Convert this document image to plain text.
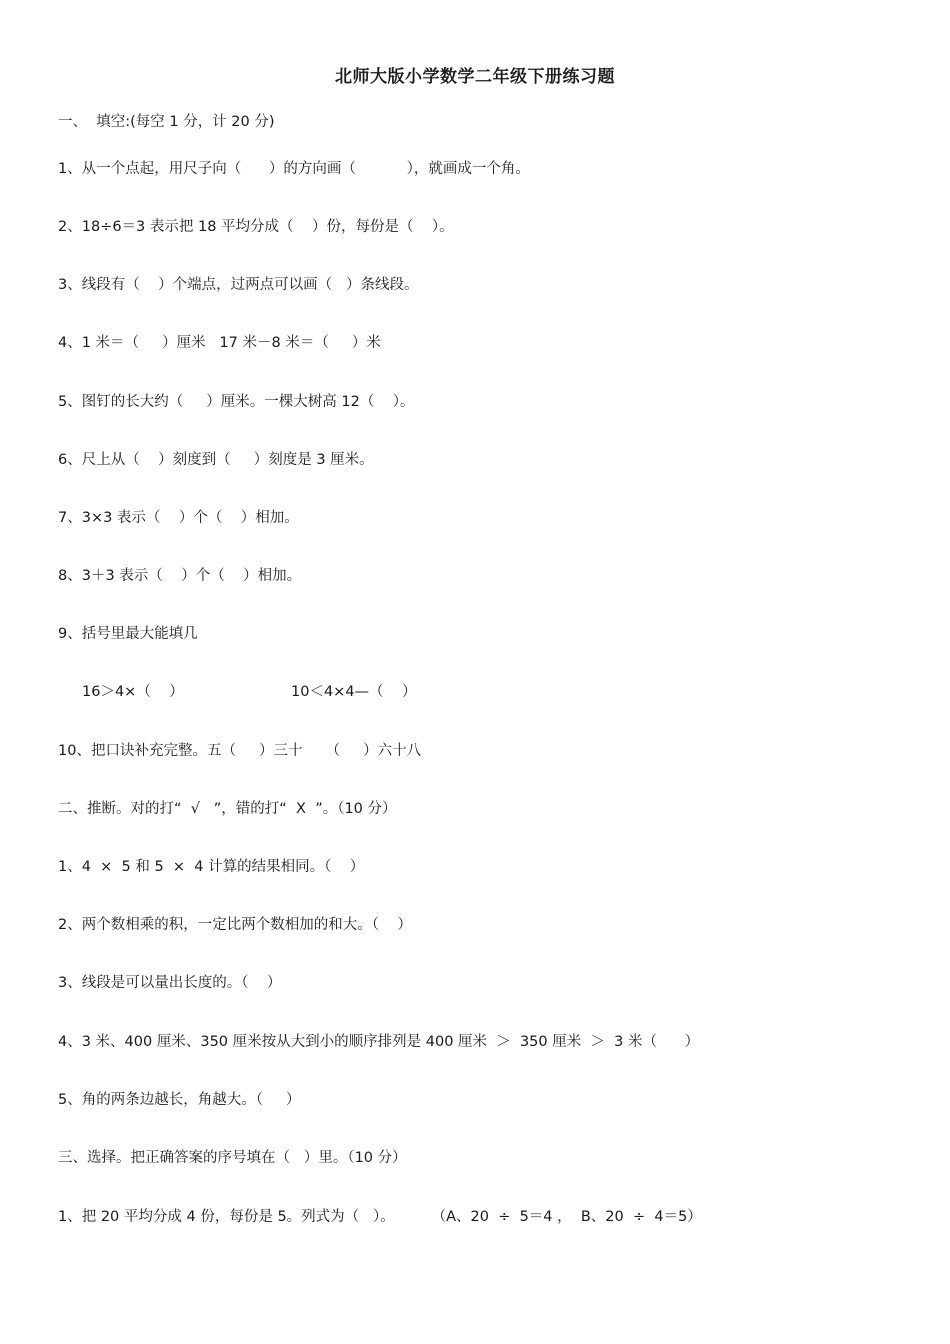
北师大版小学数学二年级下册练习题
一、  填空:(每空 1 分，计 20 分)
1、从一个点起，用尺子向（      ）的方向画（           ），就画成一个角。
2、18÷6＝3 表示把 18 平均分成（    ）份，每份是（    ）。
3、线段有（    ）个端点，过两点可以画（   ）条线段。
4、1 米＝（     ）厘米   17 米－8 米＝（     ）米
5、图钉的长大约（     ）厘米。一棵大树高 12（    ）。
6、尺上从（    ）刻度到（     ）刻度是 3 厘米。
7、3×3 表示（    ）个（    ）相加。
8、3＋3 表示（    ）个（    ）相加。
9、括号里最大能填几
16＞4×（    ）	10＜4×4—（    ）
10、把口诀补充完整。五（     ）三十     （     ）六十八
二、推断。对的打“  √   ”，错的打“  X  ”。（10 分）
1、4  ×  5 和 5  ×  4 计算的结果相同。（    ）
2、两个数相乘的积，一定比两个数相加的和大。（    ）
3、线段是可以量出长度的。（    ）
4、3 米、400 厘米、350 厘米按从大到小的顺序排列是 400 厘米  ＞  350 厘米  ＞  3 米（      ）
5、角的两条边越长，角越大。（     ）
三、选择。把正确答案的序号填在（   ）里。（10 分）
1、把 20 平均分成 4 份，每份是 5。列式为（   ）。        （A、20  ÷  5＝4 ，  B、20  ÷  4＝5）
